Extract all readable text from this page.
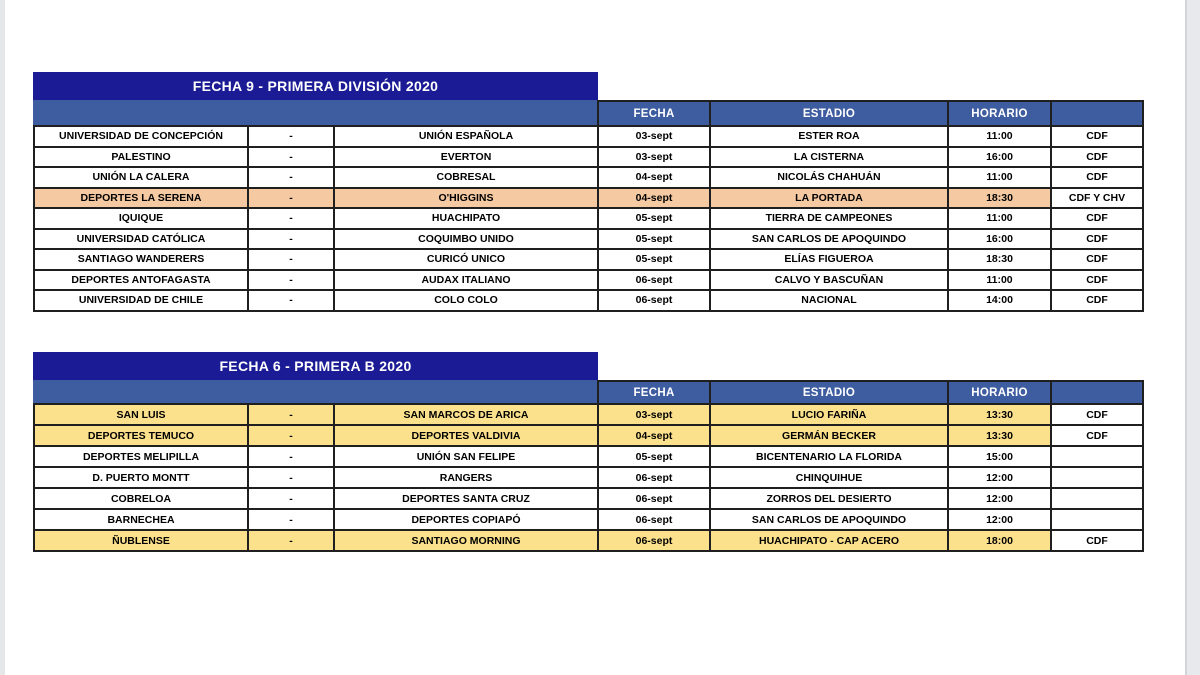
FECHA 9 - PRIMERA DIVISIÓN 2020
			FECHA	ESTADIO	HORARIO	
UNIVERSIDAD DE CONCEPCIÓN	-	UNIÓN ESPAÑOLA	03-sept	ESTER ROA	11:00	CDF
PALESTINO	-	EVERTON	03-sept	LA CISTERNA	16:00	CDF
UNIÓN LA CALERA	-	COBRESAL	04-sept	NICOLÁS CHAHUÁN	11:00	CDF
DEPORTES LA SERENA	-	O'HIGGINS	04-sept	LA PORTADA	18:30	CDF Y CHV
IQUIQUE	-	HUACHIPATO	05-sept	TIERRA DE CAMPEONES	11:00	CDF
UNIVERSIDAD CATÓLICA	-	COQUIMBO UNIDO	05-sept	SAN CARLOS DE APOQUINDO	16:00	CDF
SANTIAGO WANDERERS	-	CURICÓ UNICO	05-sept	ELÍAS FIGUEROA	18:30	CDF
DEPORTES ANTOFAGASTA	-	AUDAX ITALIANO	06-sept	CALVO Y BASCUÑAN	11:00	CDF
UNIVERSIDAD DE CHILE	-	COLO COLO	06-sept	NACIONAL	14:00	CDF
FECHA 6 - PRIMERA B 2020
			FECHA	ESTADIO	HORARIO	
SAN LUIS	-	SAN MARCOS DE ARICA	03-sept	LUCIO FARIÑA	13:30	CDF
DEPORTES TEMUCO	-	DEPORTES VALDIVIA	04-sept	GERMÁN BECKER	13:30	CDF
DEPORTES MELIPILLA	-	UNIÓN SAN FELIPE	05-sept	BICENTENARIO LA FLORIDA	15:00	
D. PUERTO MONTT	-	RANGERS	06-sept	CHINQUIHUE	12:00	
COBRELOA	-	DEPORTES SANTA CRUZ	06-sept	ZORROS DEL DESIERTO	12:00	
BARNECHEA	-	DEPORTES COPIAPÓ	06-sept	SAN CARLOS DE APOQUINDO	12:00	
ÑUBLENSE	-	SANTIAGO MORNING	06-sept	HUACHIPATO - CAP ACERO	18:00	CDF
